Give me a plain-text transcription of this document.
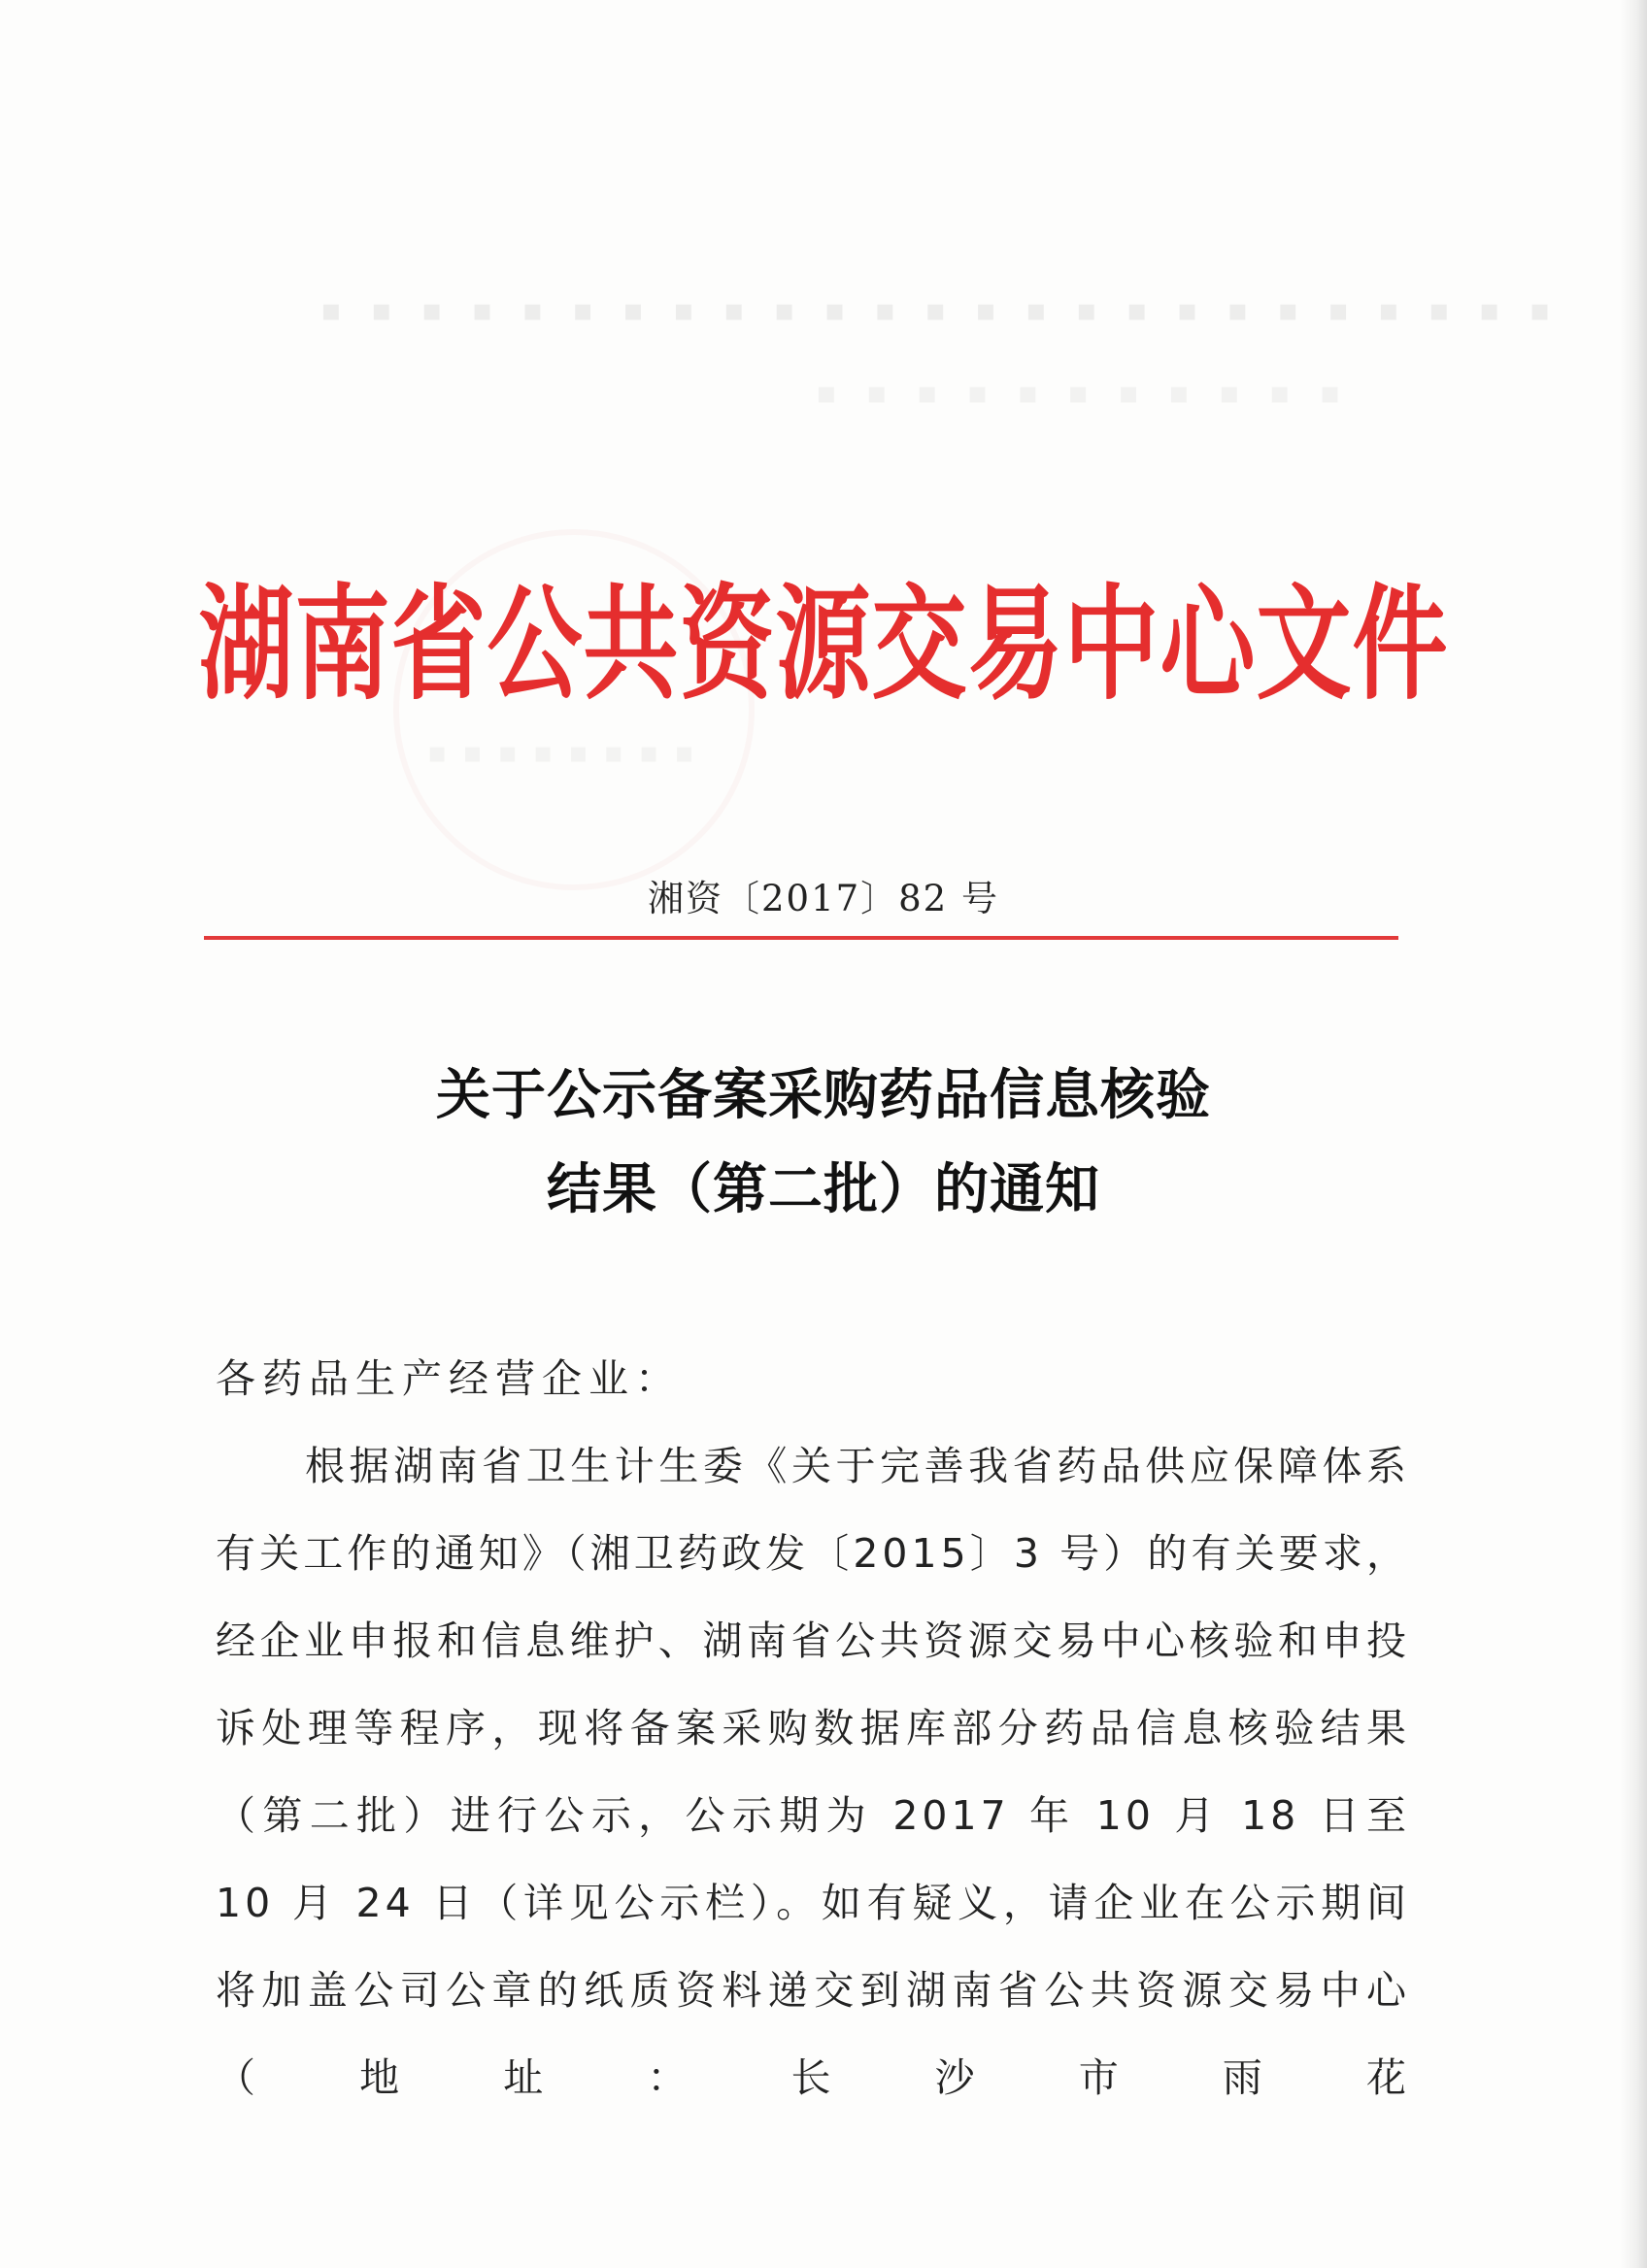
▪ ▪ ▪ ▪ ▪ ▪ ▪ ▪ ▪ ▪ ▪ ▪ ▪ ▪ ▪ ▪ ▪ ▪ ▪ ▪ ▪ ▪ ▪ ▪ ▪
▪ ▪ ▪ ▪ ▪ ▪ ▪ ▪ ▪ ▪ ▪
▪▪▪▪▪▪▪▪
湖南省公共资源交易中心文件
湘资〔2017〕82 号
关于公示备案采购药品信息核验
结果（第二批）的通知
各药品生产经营企业：
根据湖南省卫生计生委《关于完善我省药品供应保障体系有关工作的通知》（湘卫药政发〔2015〕3 号）的有关要求，经企业申报和信息维护、湖南省公共资源交易中心核验和申投诉处理等程序，现将备案采购数据库部分药品信息核验结果（第二批）进行公示，公示期为 2017 年 10 月 18 日至 10 月 24 日（详见公示栏）。如有疑义，请企业在公示期间将加盖公司公章的纸质资料递交到湖南省公共资源交易中心（地址：长沙市雨花
